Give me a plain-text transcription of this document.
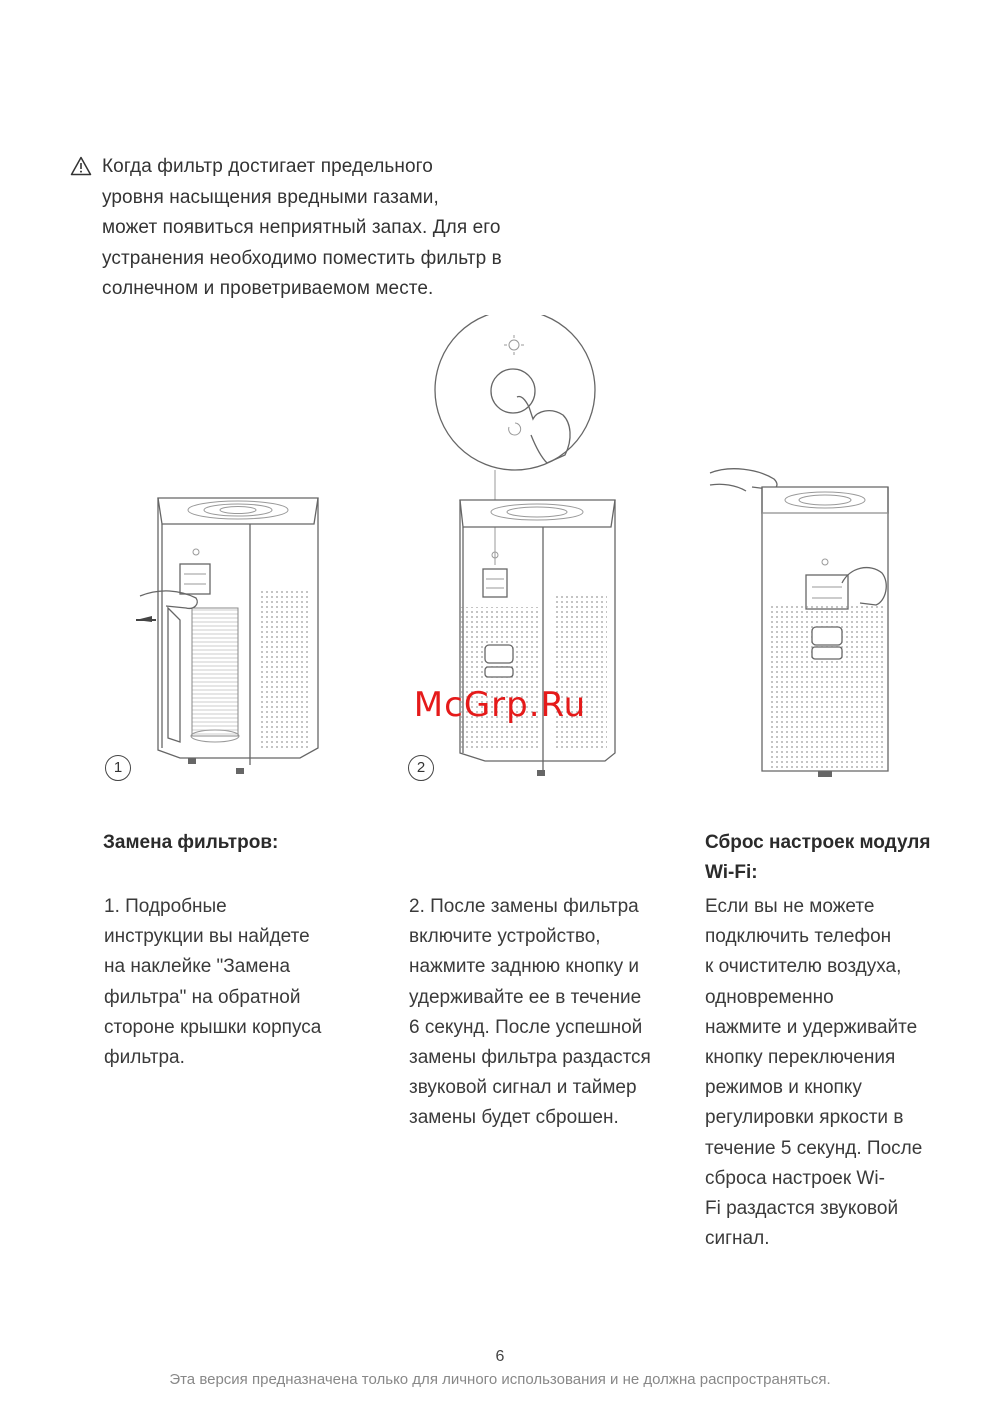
Когда фильтр достигает предельного
уровня насыщения вредными газами,
может появиться неприятный запах. Для его
устранения необходимо поместить фильтр в
солнечном и проветриваемом месте.
1	2
McGrp.Ru
Замена фильтров:
1. Подробные
инструкции вы найдете
на наклейке "Замена
фильтра" на обратной
стороне крышки корпуса
фильтра.
2. После замены фильтра
включите устройство,
нажмите заднюю кнопку и
удерживайте ее в течение
6 секунд. После успешной
замены фильтра раздастся
звуковой сигнал и таймер
замены будет сброшен.
Сброс настроек модуля
Wi-Fi:
Если вы не можете
подключить телефон
к очистителю воздуха,
одновременно
нажмите и удерживайте
кнопку переключения
режимов и кнопку
регулировки яркости в
течение 5 секунд. После
сброса настроек Wi-
Fi раздастся звуковой
сигнал.
6
Эта версия предназначена только для личного использования и не должна распространяться.
